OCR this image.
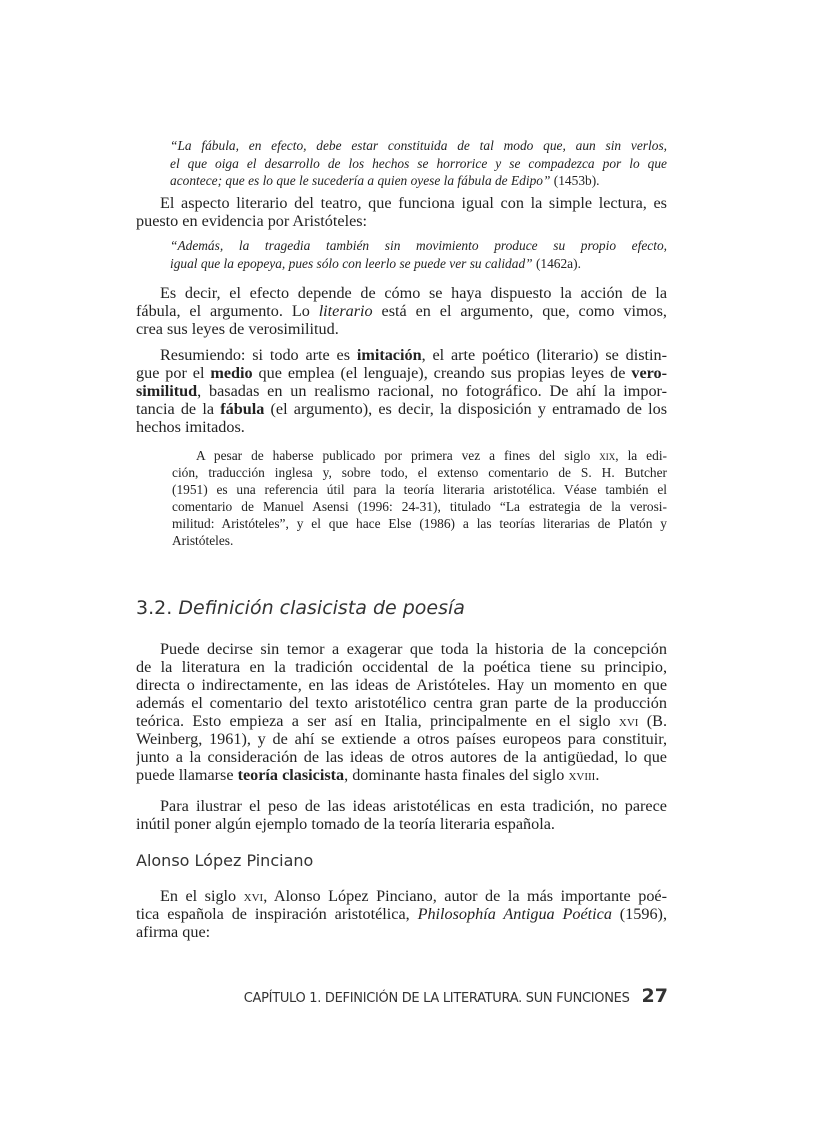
“La fábula, en efecto, debe estar constituida de tal modo que, aun sin verlos,
el que oiga el desarrollo de los hechos se horrorice y se compadezca por lo que
acontece; que es lo que le sucedería a quien oyese la fábula de Edipo” (1453b).
El aspecto literario del teatro, que funciona igual con la simple lectura, es
puesto en evidencia por Aristóteles:
“Además, la tragedia también sin movimiento produce su propio efecto,
igual que la epopeya, pues sólo con leerlo se puede ver su calidad” (1462a).
Es decir, el efecto depende de cómo se haya dispuesto la acción de la
fábula, el argumento. Lo literario está en el argumento, que, como vimos,
crea sus leyes de verosimilitud.
Resumiendo: si todo arte es imitación, el arte poético (literario) se distin-
gue por el medio que emplea (el lenguaje), creando sus propias leyes de vero-
similitud, basadas en un realismo racional, no fotográfico. De ahí la impor-
tancia de la fábula (el argumento), es decir, la disposición y entramado de los
hechos imitados.
A pesar de haberse publicado por primera vez a fines del siglo xix, la edi-
ción, traducción inglesa y, sobre todo, el extenso comentario de S. H. Butcher
(1951) es una referencia útil para la teoría literaria aristotélica. Véase también el
comentario de Manuel Asensi (1996: 24-31), titulado “La estrategia de la verosi-
militud: Aristóteles”, y el que hace Else (1986) a las teorías literarias de Platón y
Aristóteles.
Puede decirse sin temor a exagerar que toda la historia de la concepción
de la literatura en la tradición occidental de la poética tiene su principio,
directa o indirectamente, en las ideas de Aristóteles. Hay un momento en que
además el comentario del texto aristotélico centra gran parte de la producción
teórica. Esto empieza a ser así en Italia, principalmente en el siglo xvi (B.
Weinberg, 1961), y de ahí se extiende a otros países europeos para constituir,
junto a la consideración de las ideas de otros autores de la antigüedad, lo que
puede llamarse teoría clasicista, dominante hasta finales del siglo xviii.
Para ilustrar el peso de las ideas aristotélicas en esta tradición, no parece
inútil poner algún ejemplo tomado de la teoría literaria española.
En el siglo xvi, Alonso López Pinciano, autor de la más importante poé-
tica española de inspiración aristotélica, Philosophía Antigua Poética (1596),
afirma que:
3.2. Definición clasicista de poesía
Alonso López Pinciano
CAPÍTULO 1. DEFINICIÓN DE LA LITERATURA. SUN FUNCIONES 27
